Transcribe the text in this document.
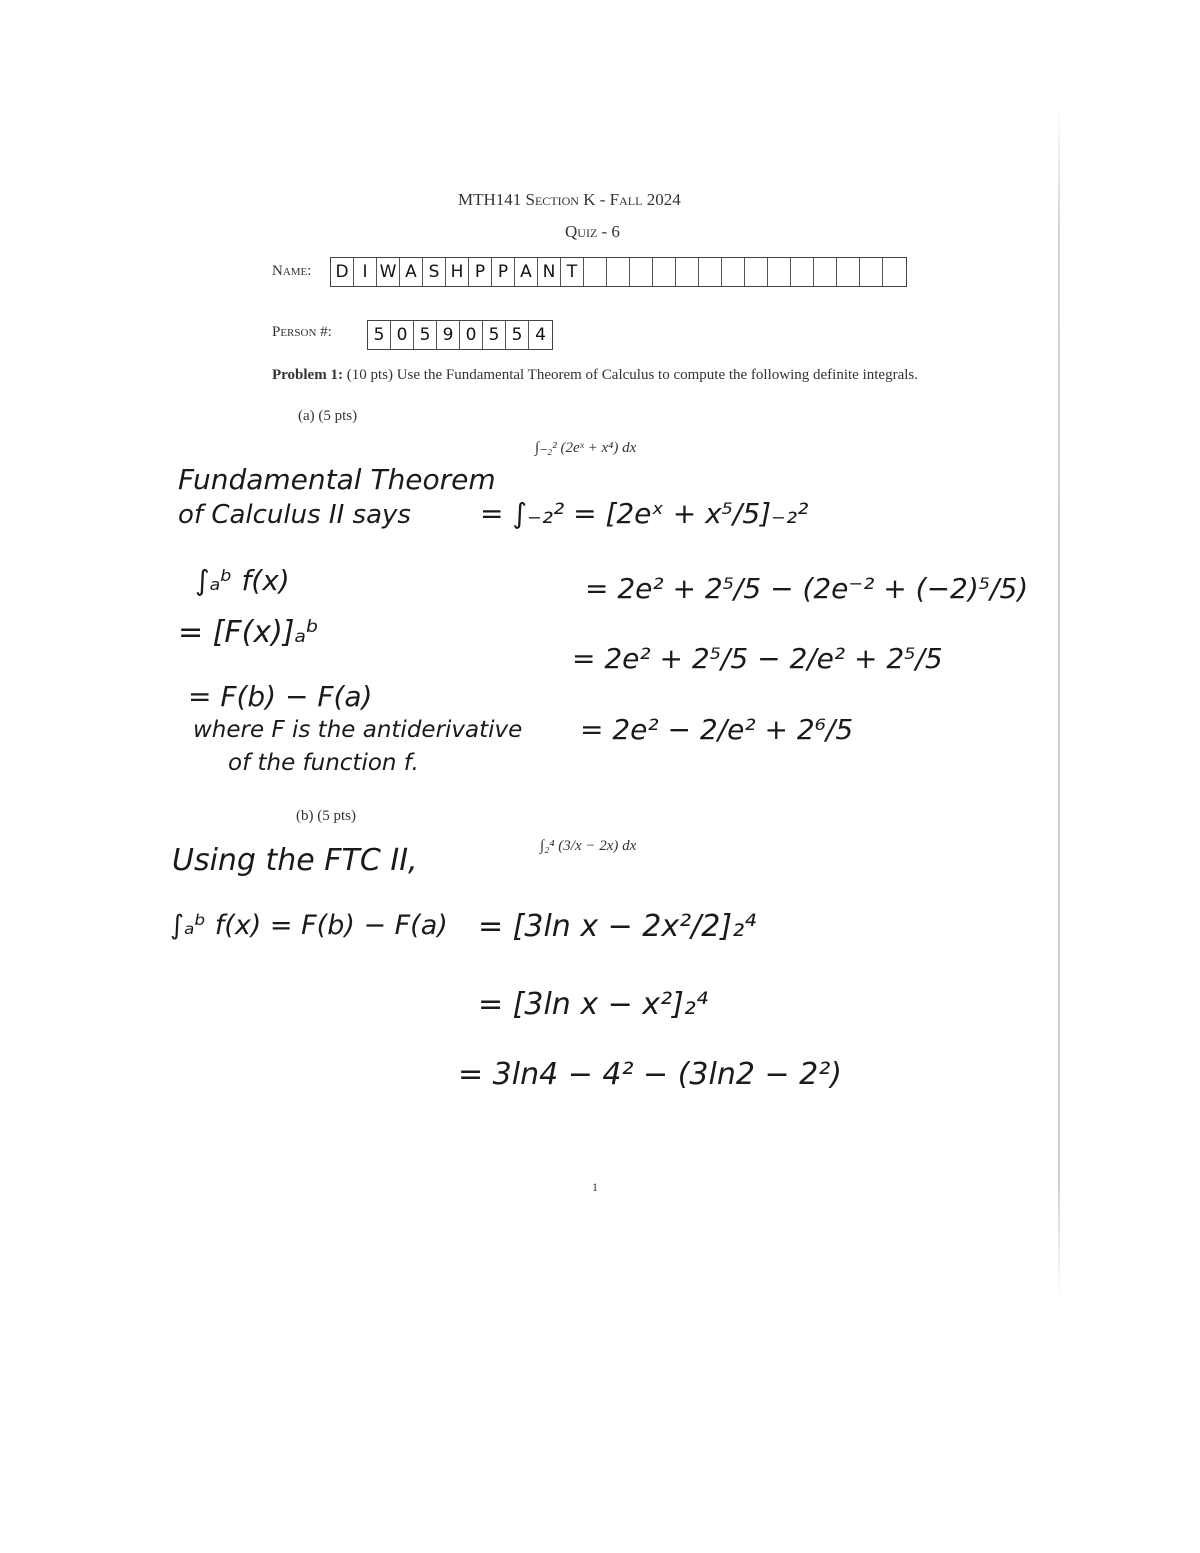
MTH141 Section K - Fall 2024
Quiz - 6
Name: D I W A S H P P A N T
Person #:	5 0 5 9 0 5 5 4
Problem 1: (10 pts) Use the Fundamental Theorem of Calculus to compute the following definite integrals.
(a) (5 pts)
∫₋₂² (2eˣ + x⁴) dx
Fundamental Theorem
of Calculus II says
∫ₐᵇ f(x)
= [F(x)]ₐᵇ
= F(b) − F(a)
where F is the antiderivative
of the function f.
= ∫₋₂² = [2eˣ + x⁵/5]₋₂²
= 2e² + 2⁵/5 − (2e⁻² + (−2)⁵/5)
= 2e² + 2⁵/5 − 2/e² + 2⁵/5
= 2e² − 2/e² + 2⁶/5
(b) (5 pts)
∫₂⁴ (3/x − 2x) dx
Using the FTC II,
∫ₐᵇ f(x) = F(b) − F(a) = [3ln x − 2x²/2]₂⁴
= [3ln x − x²]₂⁴
= 3ln4 − 4² − (3ln2 − 2²)
1
